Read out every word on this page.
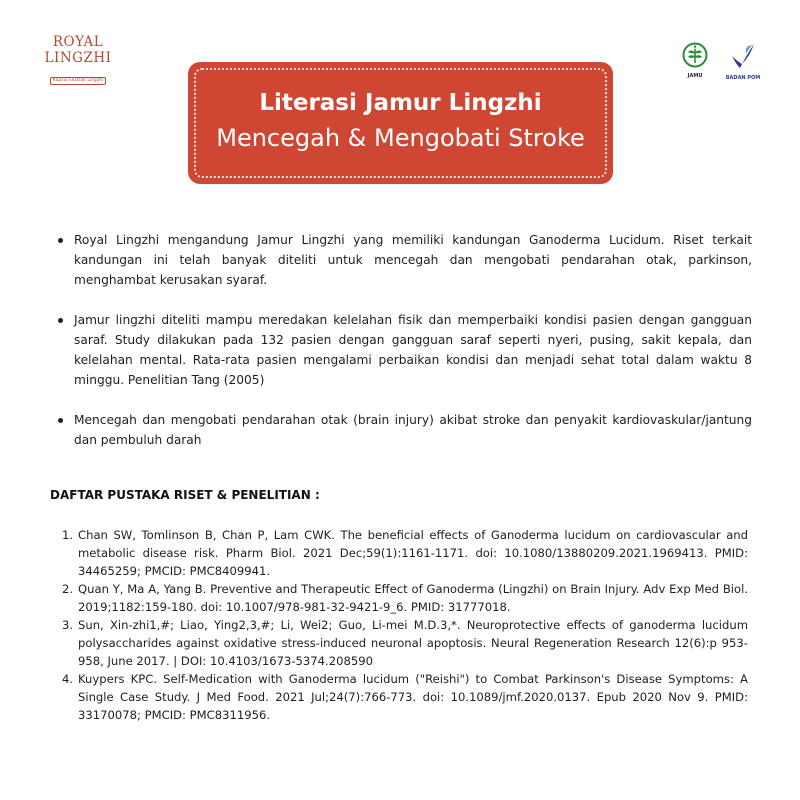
ROYAL
LINGZHI
Kapsul Ekstrak Lingzhi
JAMU	BADAN POM
Literasi Jamur Lingzhi
Mencegah & Mengobati Stroke
Royal Lingzhi mengandung Jamur Lingzhi yang memiliki kandungan Ganoderma Lucidum. Riset terkait kandungan ini telah banyak diteliti untuk mencegah dan mengobati pendarahan otak, parkinson, menghambat kerusakan syaraf.
Jamur lingzhi diteliti mampu meredakan kelelahan fisik dan memperbaiki kondisi pasien dengan gangguan saraf. Study dilakukan pada 132 pasien dengan gangguan saraf seperti nyeri, pusing, sakit kepala, dan kelelahan mental. Rata-rata pasien mengalami perbaikan kondisi dan menjadi sehat total dalam waktu 8 minggu. Penelitian Tang (2005)
Mencegah dan mengobati pendarahan otak (brain injury) akibat stroke dan penyakit kardiovaskular/jantung dan pembuluh darah
DAFTAR PUSTAKA RISET & PENELITIAN :
1. Chan SW, Tomlinson B, Chan P, Lam CWK. The beneficial effects of Ganoderma lucidum on cardiovascular and metabolic disease risk. Pharm Biol. 2021 Dec;59(1):1161-1171. doi: 10.1080/13880209.2021.1969413. PMID: 34465259; PMCID: PMC8409941.
2. Quan Y, Ma A, Yang B. Preventive and Therapeutic Effect of Ganoderma (Lingzhi) on Brain Injury. Adv Exp Med Biol. 2019;1182:159-180. doi: 10.1007/978-981-32-9421-9_6. PMID: 31777018.
3. Sun, Xin-zhi1,#; Liao, Ying2,3,#; Li, Wei2; Guo, Li-mei M.D.3,*. Neuroprotective effects of ganoderma lucidum polysaccharides against oxidative stress-induced neuronal apoptosis. Neural Regeneration Research 12(6):p 953-958, June 2017. | DOI: 10.4103/1673-5374.208590
4. Kuypers KPC. Self-Medication with Ganoderma lucidum ("Reishi") to Combat Parkinson's Disease Symptoms: A Single Case Study. J Med Food. 2021 Jul;24(7):766-773. doi: 10.1089/jmf.2020.0137. Epub 2020 Nov 9. PMID: 33170078; PMCID: PMC8311956.
